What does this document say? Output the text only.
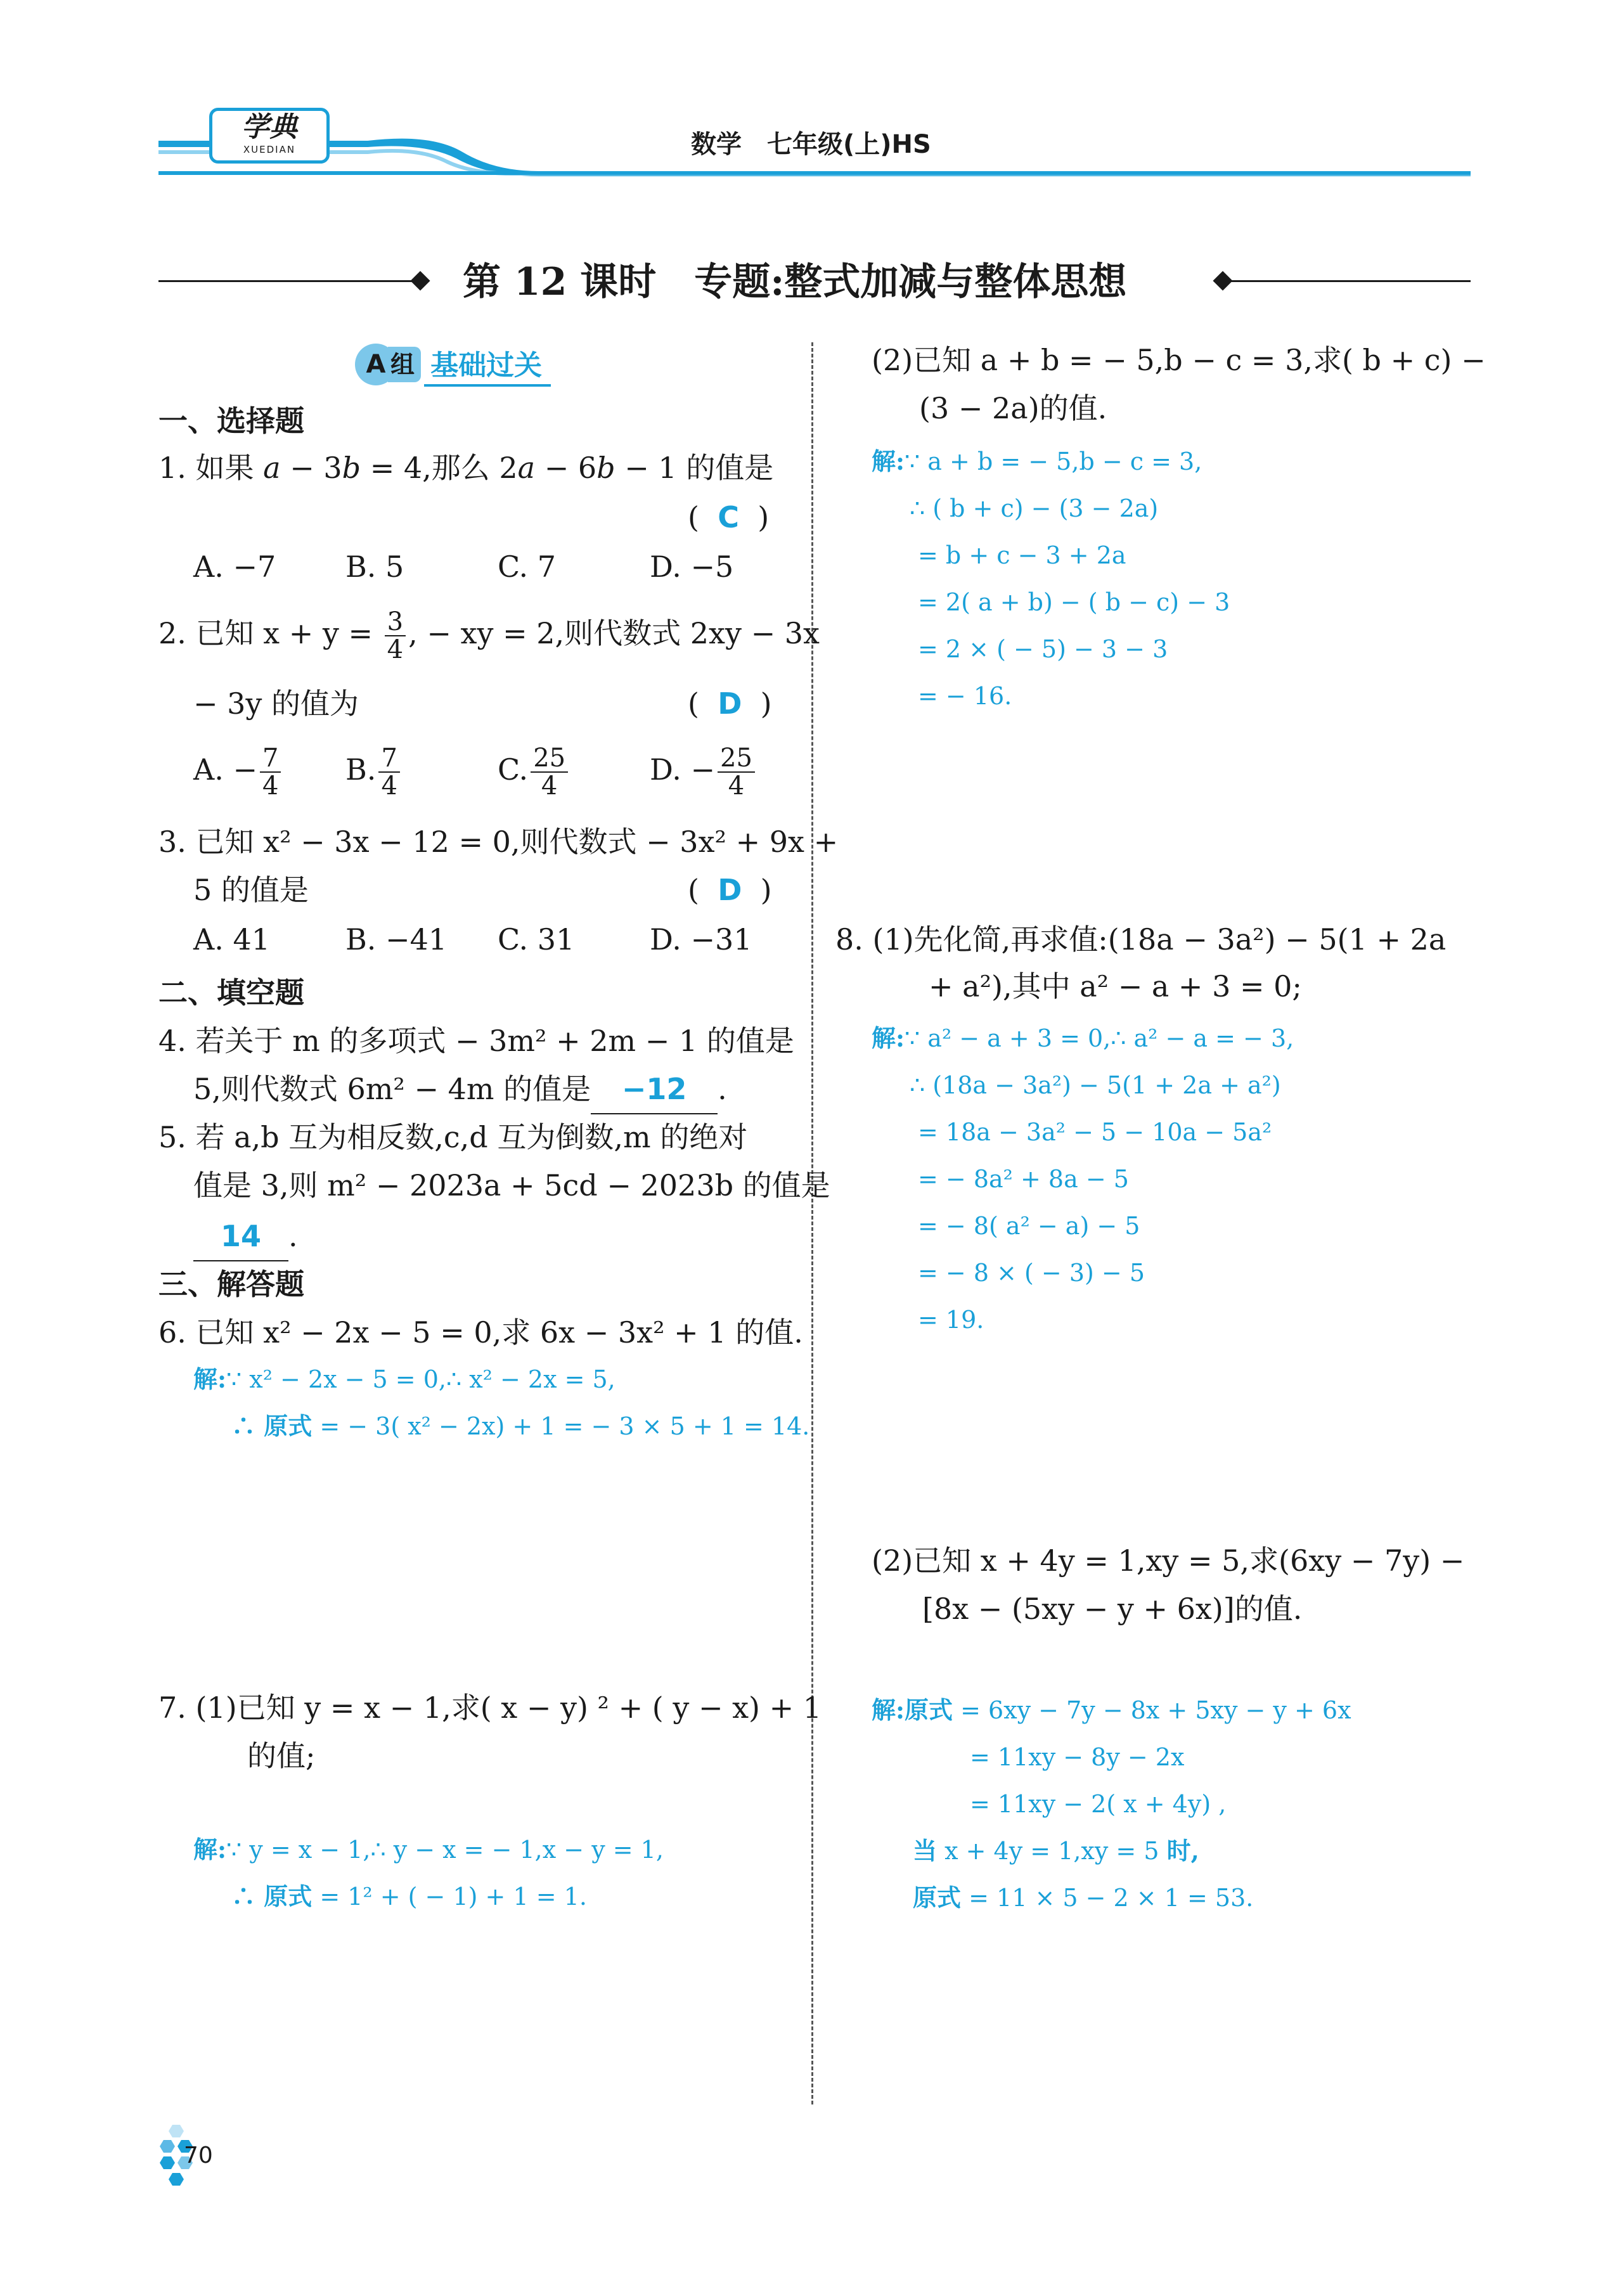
学典
XUEDIAN	数学　七年级(上)HS
第 12 课时　专题:整式加减与整体思想
A 组 基础过关
一、选择题
1. 如果 a − 3b = 4,那么 2a − 6b − 1 的值是
(  C  )
A. −7 B. 5	C. 7	D. −5
2. 已知 $x + y = \frac{3}{4}$ , − xy = 2,则代数式 2xy − 3x
− 3y 的值为	(  D  )
A. − $\frac{7}{4} B$. $\frac{7}{4}$	C. $\frac{25}{4}$	D. − $\frac{25}{4}$
3. 已知 x² − 3x − 12 = 0,则代数式 − 3x² + 9x +
5 的值是	(  D  )
A. 41	B. −41 C. 31	D. −31
二、填空题
4. 若关于 m 的多项式 − 3m² + 2m − 1 的值是
5,则代数式 6m² − 4m 的值是 −12 .
5. 若 a,b 互为相反数,c,d 互为倒数,m 的绝对
值是 3,则 m² − 2023a + 5cd − 2023b 的值是
14 .
三、解答题
6. 已知 x² − 2x − 5 = 0,求 6x − 3x² + 1 的值.
解:∵ x² − 2x − 5 = 0,∴ x² − 2x = 5,
∴ 原式 = − 3( x² − 2x) + 1 = − 3 × 5 + 1 = 14.
7. (1)已知 y = x − 1,求( x − y) ² + ( y − x) + 1
的值;
解:∵ y = x − 1,∴ y − x = − 1,x − y = 1,
∴ 原式 = 1² + ( − 1) + 1 = 1.
(2)已知 a + b = − 5,b − c = 3,求( b + c) −
(3 − 2a)的值.
解:∵ a + b = − 5,b − c = 3,
∴ ( b + c) − (3 − 2a)
= b + c − 3 + 2a
= 2( a + b) − ( b − c) − 3
= 2 × ( − 5) − 3 − 3
= − 16.
8. (1)先化简,再求值:(18a − 3a²) − 5(1 + 2a
+ a²),其中 a² − a + 3 = 0;
解:∵ a² − a + 3 = 0,∴ a² − a = − 3,
∴ (18a − 3a²) − 5(1 + 2a + a²)
= 18a − 3a² − 5 − 10a − 5a²
= − 8a² + 8a − 5
= − 8( a² − a) − 5
= − 8 × ( − 3) − 5
= 19.
(2)已知 x + 4y = 1,xy = 5,求(6xy − 7y) −
[8x − (5xy − y + 6x)]的值.
解:原式 = 6xy − 7y − 8x + 5xy − y + 6x
= 11xy − 8y − 2x
= 11xy − 2( x + 4y) ,
当 x + 4y = 1,xy = 5 时,
原式 = 11 × 5 − 2 × 1 = 53.
70
